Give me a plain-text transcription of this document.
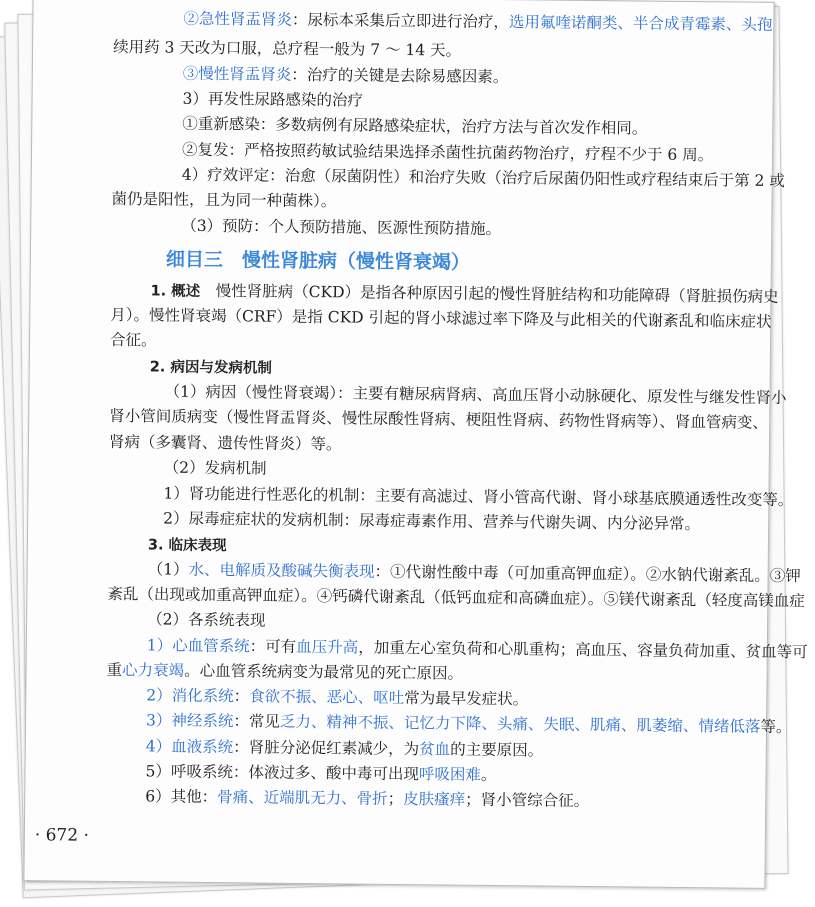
②急性肾盂肾炎：尿标本采集后立即进行治疗，选用氟喹诺酮类、半合成青霉素、头孢
续用药 3 天改为口服，总疗程一般为 7 ～ 14 天。
③慢性肾盂肾炎：治疗的关键是去除易感因素。
3）再发性尿路感染的治疗
①重新感染：多数病例有尿路感染症状，治疗方法与首次发作相同。
②复发：严格按照药敏试验结果选择杀菌性抗菌药物治疗，疗程不少于 6 周。
4）疗效评定：治愈（尿菌阴性）和治疗失败（治疗后尿菌仍阳性或疗程结束后于第 2 或
菌仍是阳性，且为同一种菌株）。
（3）预防：个人预防措施、医源性预防措施。
细目三　慢性肾脏病（慢性肾衰竭）
1. 概述　慢性肾脏病（CKD）是指各种原因引起的慢性肾脏结构和功能障碍（肾脏损伤病史
月）。慢性肾衰竭（CRF）是指 CKD 引起的肾小球滤过率下降及与此相关的代谢紊乱和临床症状
合征。
2. 病因与发病机制
（1）病因（慢性肾衰竭）：主要有糖尿病肾病、高血压肾小动脉硬化、原发性与继发性肾小
肾小管间质病变（慢性肾盂肾炎、慢性尿酸性肾病、梗阻性肾病、药物性肾病等）、肾血管病变、
肾病（多囊肾、遗传性肾炎）等。
（2）发病机制
1）肾功能进行性恶化的机制：主要有高滤过、肾小管高代谢、肾小球基底膜通透性改变等。
2）尿毒症症状的发病机制：尿毒症毒素作用、营养与代谢失调、内分泌异常。
3. 临床表现
（1）水、电解质及酸碱失衡表现：①代谢性酸中毒（可加重高钾血症）。②水钠代谢紊乱。③钾
紊乱（出现或加重高钾血症）。④钙磷代谢紊乱（低钙血症和高磷血症）。⑤镁代谢紊乱（轻度高镁血症
（2）各系统表现
1）心血管系统：可有血压升高，加重左心室负荷和心肌重构；高血压、容量负荷加重、贫血等可
重心力衰竭。心血管系统病变为最常见的死亡原因。
2）消化系统：食欲不振、恶心、呕吐常为最早发症状。
3）神经系统：常见乏力、精神不振、记忆力下降、头痛、失眠、肌痛、肌萎缩、情绪低落等。
4）血液系统：肾脏分泌促红素减少，为贫血的主要原因。
5）呼吸系统：体液过多、酸中毒可出现呼吸困难。
6）其他：骨痛、近端肌无力、骨折；皮肤瘙痒；肾小管综合征。
· 672 ·
